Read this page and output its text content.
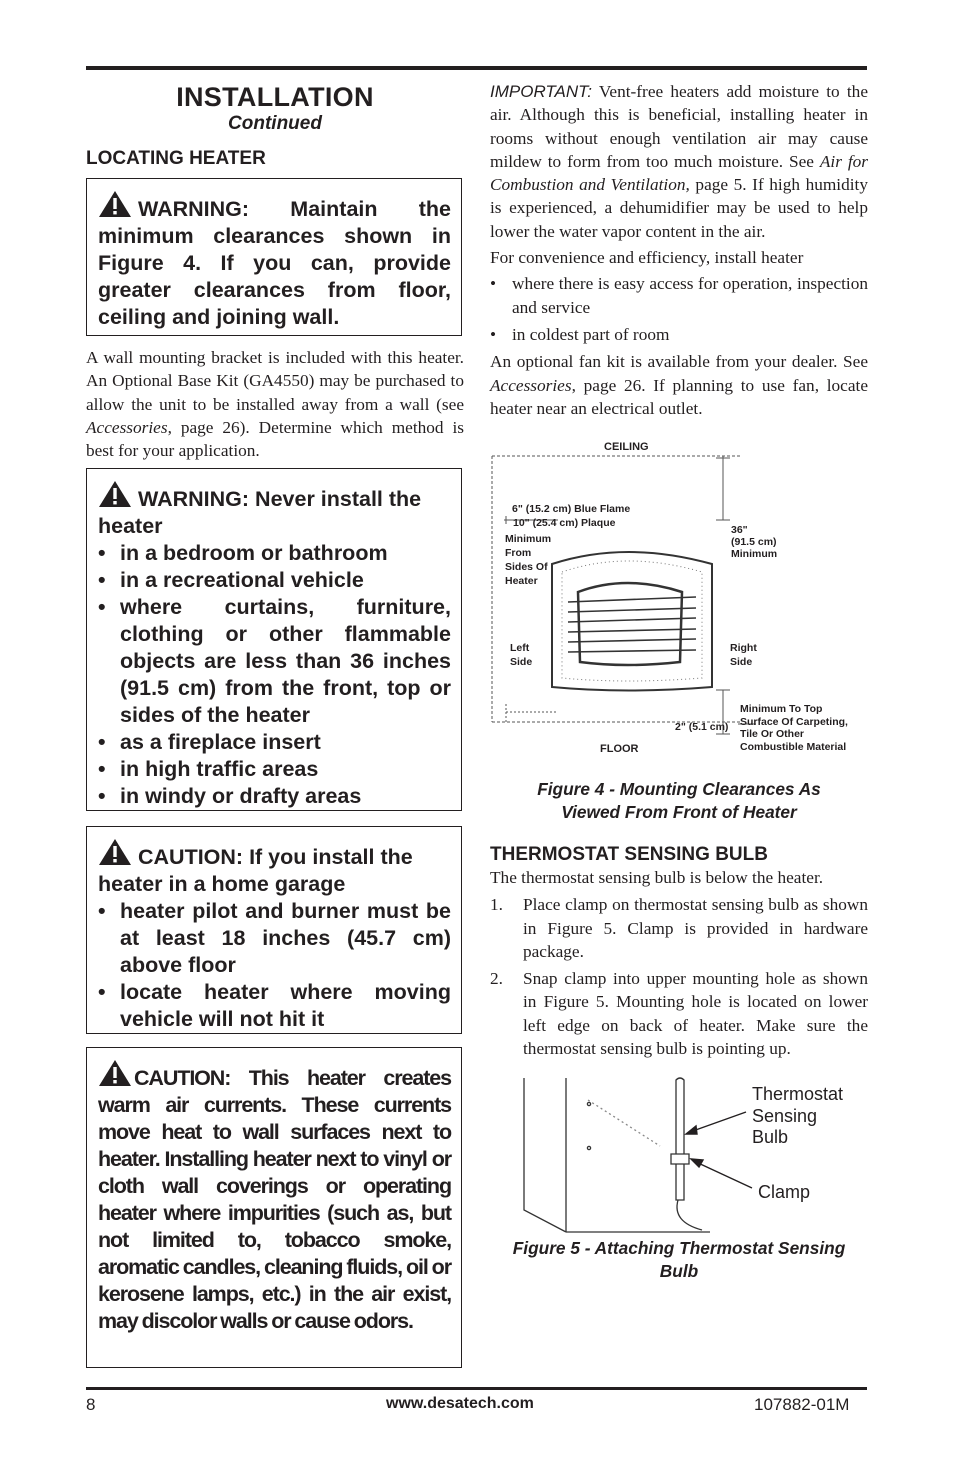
INSTALLATION

Continued

LOCATING HEATER

WARNING: Maintain the minimum clearances shown in Figure 4. If you can, provide greater clearances from floor, ceiling and joining wall.

A wall mounting bracket is included with this heater. An Optional Base Kit (GA4550) may be purchased to allow the unit to be installed away from a wall (see Accessories, page 26). Determine which method is best for your application.

WARNING: Never install the heater

• in a bedroom or bathroom
• in a recreational vehicle
• where curtains, furniture, clothing or other flammable objects are less than 36 inches (91.5 cm) from the front, top or sides of the heater
• as a fireplace insert
• in high traffic areas
• in windy or drafty areas

CAUTION: If you install the heater in a home garage

• heater pilot and burner must be at least 18 inches (45.7 cm) above floor
• locate heater where moving vehicle will not hit it

CAUTION: This heater creates warm air currents. These currents move heat to wall surfaces next to heater. Installing heater next to vinyl or cloth wall coverings or operating heater where impurities (such as, but not limited to, tobacco smoke, aromatic candles, cleaning fluids, oil or kerosene lamps, etc.) in the air exist, may discolor walls or cause odors.

IMPORTANT: Vent-free heaters add moisture to the air. Although this is beneficial, installing heater in rooms without enough ventilation air may cause mildew to form from too much moisture. See Air for Combustion and Ventilation, page 5. If high humidity is experienced, a dehumidifier may be used to help lower the water vapor content in the air.

For convenience and efficiency, install heater

• where there is easy access for operation, inspection and service

• in coldest part of room

An optional fan kit is available from your dealer. See Accessories, page 26. If planning to use fan, locate heater near an electrical outlet.

CEILING
FLOOR
6" (15.2 cm) Blue Flame
10" (25.4 cm) Plaque
Minimum From Sides Of Heater
36" (91.5 cm) Minimum
Left Side
Right Side
2" (5.1 cm)
Minimum To Top Surface Of Carpeting, Tile Or Other Combustible Material

Figure 4 - Mounting Clearances As

Viewed From Front of Heater

THERMOSTAT SENSING BULB

The thermostat sensing bulb is below the heater.

1. Place clamp on thermostat sensing bulb as shown in Figure 5. Clamp is provided in hardware package.
2. Snap clamp into upper mounting hole as shown in Figure 5. Mounting hole is located on lower left edge on back of heater. Make sure the thermostat sensing bulb is pointing up.
Thermostat Sensing Bulb
Clamp

Figure 5 - Attaching Thermostat Sensing

Bulb

8	www.desatech.com	107882-01M
